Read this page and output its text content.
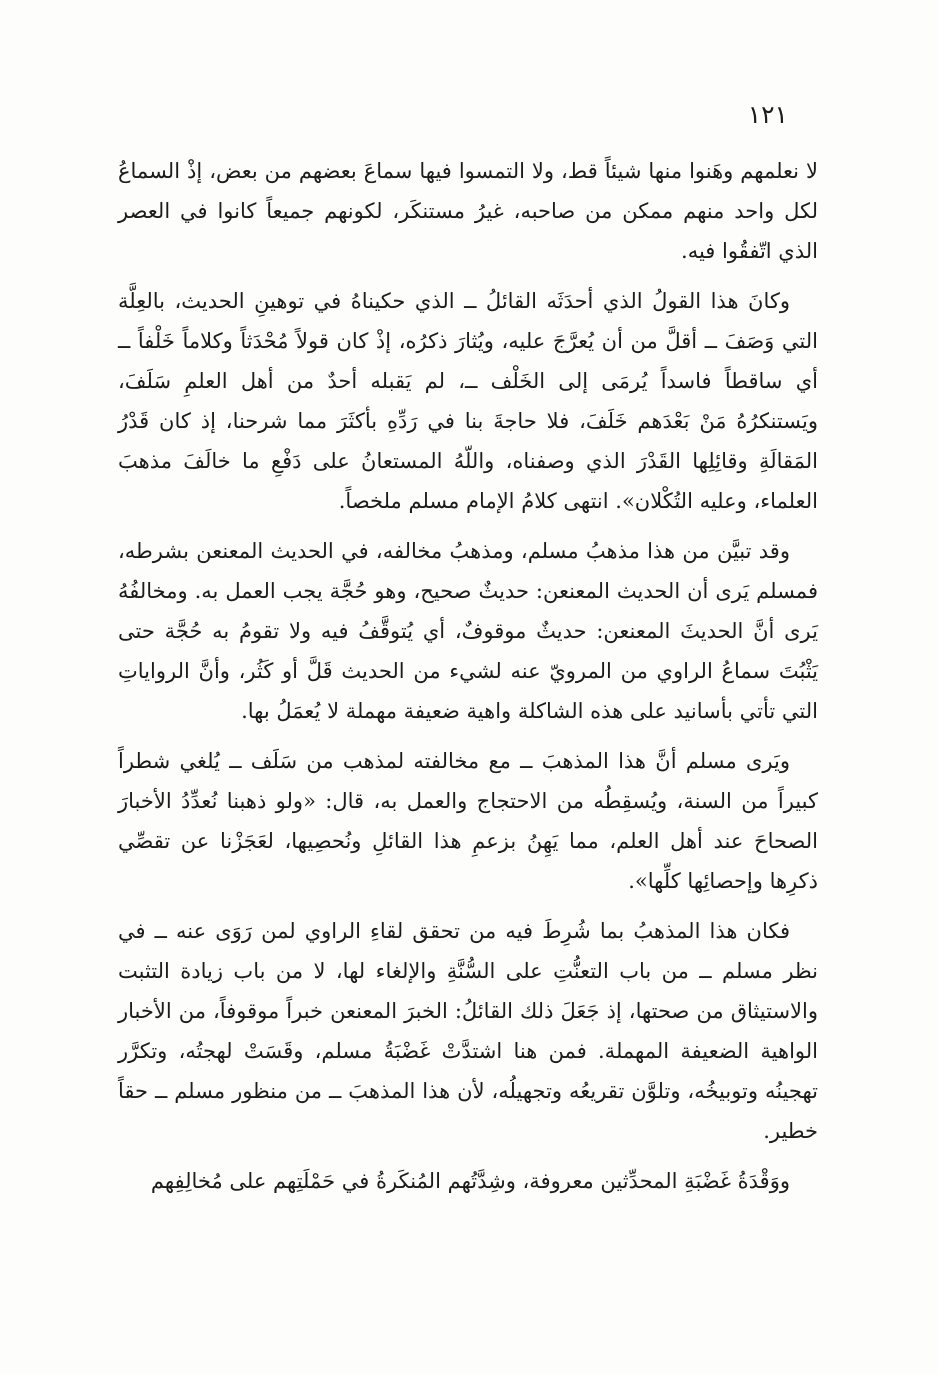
١٢١

لا نعلمهم وهَنوا منها شيئاً قط، ولا التمسوا فيها سماعَ بعضهم من بعض، إذْ السماعُ لكل واحد منهم ممكن من صاحبه، غيرُ مستنكَر، لكونهم جميعاً كانوا في العصر الذي اتّفقُوا فيه.

وكانَ هذا القولُ الذي أحدَثَه القائلُ ــ الذي حكيناهُ في توهينِ الحديث، بالعِلَّة التي وَصَفَ ــ أقلَّ من أن يُعرَّجَ عليه، ويُثارَ ذكرُه، إذْ كان قولاً مُحْدَثاً وكلاماً خَلْفاً ــ أي ساقطاً فاسداً يُرمَى إلى الخَلْف ــ، لم يَقبله أحدٌ من أهل العلمِ سَلَفَ، ويَستنكرُهُ مَنْ بَعْدَهم خَلَفَ، فلا حاجةَ بنا في رَدِّهِ بأكثَرَ مما شرحنا، إذ كان قَدْرُ المَقالَةِ وقائِلِها القَدْرَ الذي وصفناه، واللّهُ المستعانُ على دَفْعِ ما خالَفَ مذهبَ العلماء، وعليه التُكْلان». انتهى كلامُ الإمام مسلم ملخصاً.

وقد تبيَّن من هذا مذهبُ مسلم، ومذهبُ مخالفه، في الحديث المعنعن بشرطه، فمسلم يَرى أن الحديث المعنعن: حديثٌ صحيح، وهو حُجَّة يجب العمل به. ومخالفُهُ يَرى أنَّ الحديثَ المعنعن: حديثٌ موقوفٌ، أي يُتوقَّفُ فيه ولا تقومُ به حُجَّة حتى يَثْبُتَ سماعُ الراوي من المرويّ عنه لشيء من الحديث قَلَّ أو كَثُر، وأنَّ الرواياتِ التي تأتي بأسانيد على هذه الشاكلة واهية ضعيفة مهملة لا يُعمَلُ بها.

ويَرى مسلم أنَّ هذا المذهبَ ــ مع مخالفته لمذهب من سَلَف ــ يُلغي شطراً كبيراً من السنة، ويُسقِطُه من الاحتجاج والعمل به، قال: «ولو ذهبنا نُعدِّدُ الأخبارَ الصحاحَ عند أهل العلم، مما يَهِنُ بزعمِ هذا القائلِ ونُحصِيها، لعَجَزْنا عن تقصِّي ذكرِها وإحصائِها كلِّها».

فكان هذا المذهبُ بما شُرِطَ فيه من تحقق لقاءِ الراوي لمن رَوَى عنه ــ في نظر مسلم ــ من باب التعنُّتِ على السُّنَّةِ والإلغاء لها، لا من باب زيادة التثبت والاستيثاق من صحتها، إذ جَعَلَ ذلك القائلُ: الخبرَ المعنعن خبراً موقوفاً، من الأخبار الواهية الضعيفة المهملة. فمن هنا اشتدَّتْ غَضْبَةُ مسلم، وقَسَتْ لهجتُه، وتكرَّر تهجينُه وتوبيخُه، وتلوَّن تقريعُه وتجهيلُه، لأن هذا المذهبَ ــ من منظور مسلم ــ حقاً خطير.

ووَقْدَةُ غَضْبَةِ المحدِّثين معروفة، وشِدَّتُهم المُنكَرةُ في حَمْلَتِهم على مُخالِفِهم
